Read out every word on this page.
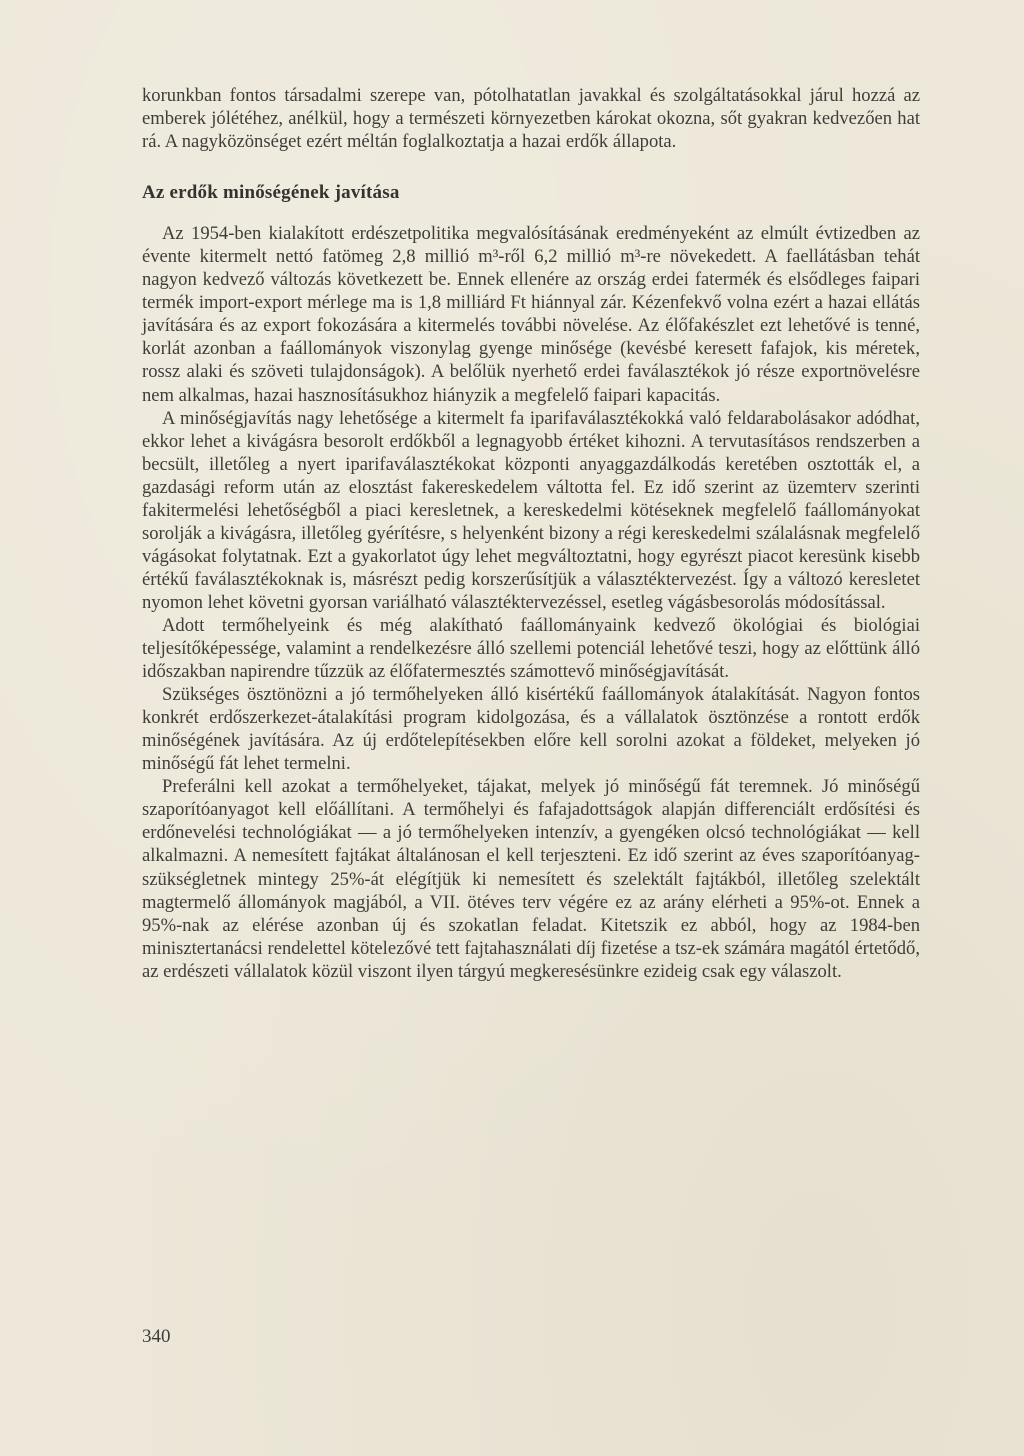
korunkban fontos társadalmi szerepe van, pótolhatatlan javakkal és szolgáltatásokkal járul hozzá az emberek jólétéhez, anélkül, hogy a természeti környezetben károkat okozna, sőt gyakran kedvezően hat rá. A nagyközönséget ezért méltán foglalkoztatja a hazai erdők állapota.

Az erdők minőségének javítása

Az 1954-ben kialakított erdészetpolitika megvalósításának eredményeként az elmúlt évtizedben az évente kitermelt nettó fatömeg 2,8 millió m³-ről 6,2 millió m³-re növekedett. A faellátásban tehát nagyon kedvező változás következett be. Ennek ellenére az ország erdei fatermék és elsődleges faipari termék import-export mérlege ma is 1,8 milliárd Ft hiánnyal zár. Kézenfekvő volna ezért a hazai ellátás javítására és az export fokozására a kitermelés további növelése. Az élőfakészlet ezt lehetővé is tenné, korlát azonban a faállományok viszonylag gyenge minősége (kevésbé keresett fafajok, kis méretek, rossz alaki és szöveti tulajdonságok). A belőlük nyerhető erdei faválasztékok jó része exportnövelésre nem alkalmas, hazai hasznosításukhoz hiányzik a megfelelő faipari kapacitás.

A minőségjavítás nagy lehetősége a kitermelt fa iparifaválasztékokká való feldarabolásakor adódhat, ekkor lehet a kivágásra besorolt erdőkből a legnagyobb értéket kihozni. A tervutasításos rendszerben a becsült, illetőleg a nyert iparifaválasztékokat központi anyaggazdálkodás keretében osztották el, a gazdasági reform után az elosztást fakereskedelem váltotta fel. Ez idő szerint az üzemterv szerinti fakitermelési lehetőségből a piaci keresletnek, a kereskedelmi kötéseknek megfelelő faállományokat sorolják a kivágásra, illetőleg gyérítésre, s helyenként bizony a régi kereskedelmi szálalásnak megfelelő vágásokat folytatnak. Ezt a gyakorlatot úgy lehet megváltoztatni, hogy egyrészt piacot keresünk kisebb értékű faválasztékoknak is, másrészt pedig korszerűsítjük a választéktervezést. Így a változó keresletet nyomon lehet követni gyorsan variálható választéktervezéssel, esetleg vágásbesorolás módosítással.

Adott termőhelyeink és még alakítható faállományaink kedvező ökológiai és biológiai teljesítőképessége, valamint a rendelkezésre álló szellemi potenciál lehetővé teszi, hogy az előttünk álló időszakban napirendre tűzzük az élőfatermesztés számottevő minőségjavítását.

Szükséges ösztönözni a jó termőhelyeken álló kisértékű faállományok átalakítását. Nagyon fontos konkrét erdőszerkezet-átalakítási program kidolgozása, és a vállalatok ösztönzése a rontott erdők minőségének javítására. Az új erdőtelepítésekben előre kell sorolni azokat a földeket, melyeken jó minőségű fát lehet termelni.

Preferálni kell azokat a termőhelyeket, tájakat, melyek jó minőségű fát teremnek. Jó minőségű szaporítóanyagot kell előállítani. A termőhelyi és fafajadottságok alapján differenciált erdősítési és erdőnevelési technológiákat — a jó termőhelyeken intenzív, a gyengéken olcsó technológiákat — kell alkalmazni. A nemesített fajtákat általánosan el kell terjeszteni. Ez idő szerint az éves szaporítóanyag-szükségletnek mintegy 25%-át elégítjük ki nemesített és szelektált fajtákból, illetőleg szelektált magtermelő állományok magjából, a VII. ötéves terv végére ez az arány elérheti a 95%-ot. Ennek a 95%-nak az elérése azonban új és szokatlan feladat. Kitetszik ez abból, hogy az 1984-ben minisztertanácsi rendelettel kötelezővé tett fajtahasználati díj fizetése a tsz-ek számára magától értetődő, az erdészeti vállalatok közül viszont ilyen tárgyú megkeresésünkre ezideig csak egy válaszolt.

340
